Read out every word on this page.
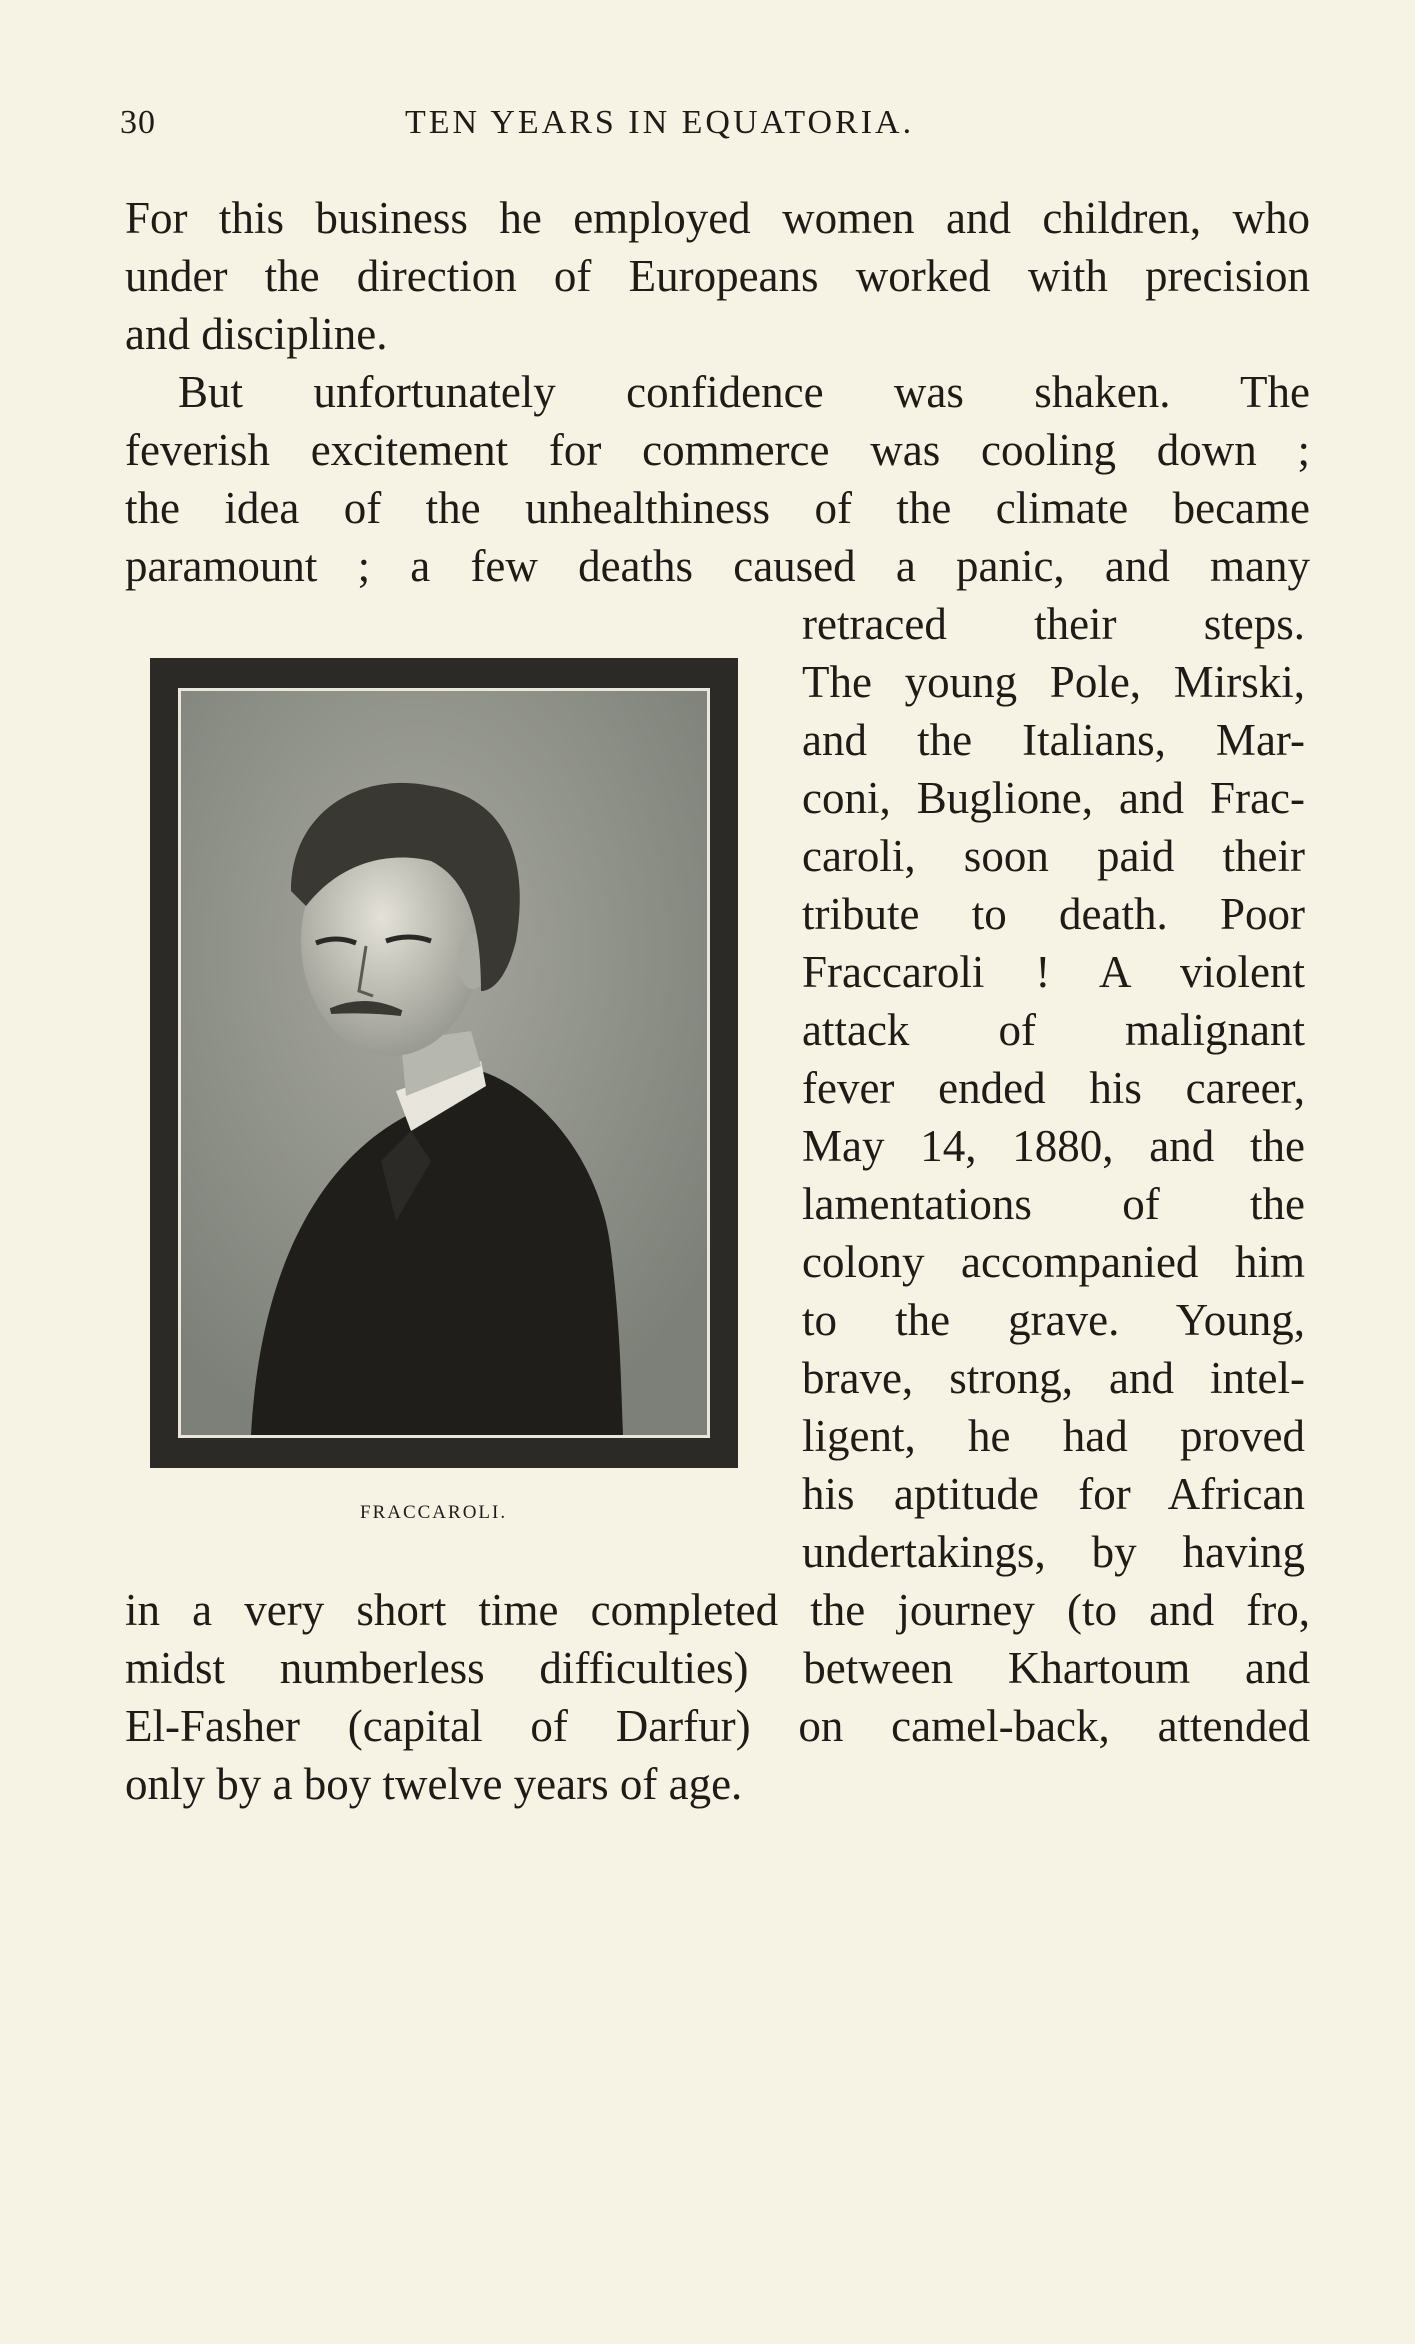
30	TEN YEARS IN EQUATORIA.
For this business he employed women and children, who
under the direction of Europeans worked with precision
and discipline.
But unfortunately confidence was shaken. The
feverish excitement for commerce was cooling down ;
the idea of the unhealthiness of the climate became
paramount ; a few deaths caused a panic, and many
retraced their steps.
The young Pole, Mirski,
and the Italians, Mar-
coni, Buglione, and Frac-
caroli, soon paid their
tribute to death. Poor
Fraccaroli ! A violent
attack of malignant
fever ended his career,
May 14, 1880, and the
lamentations of the
colony accompanied him
to the grave. Young,
brave, strong, and intel-
ligent, he had proved
his aptitude for African
undertakings, by having
in a very short time completed the journey (to and fro,
midst numberless difficulties) between Khartoum and
El-Fasher (capital of Darfur) on camel-back, attended
only by a boy twelve years of age.
FRACCAROLI.
